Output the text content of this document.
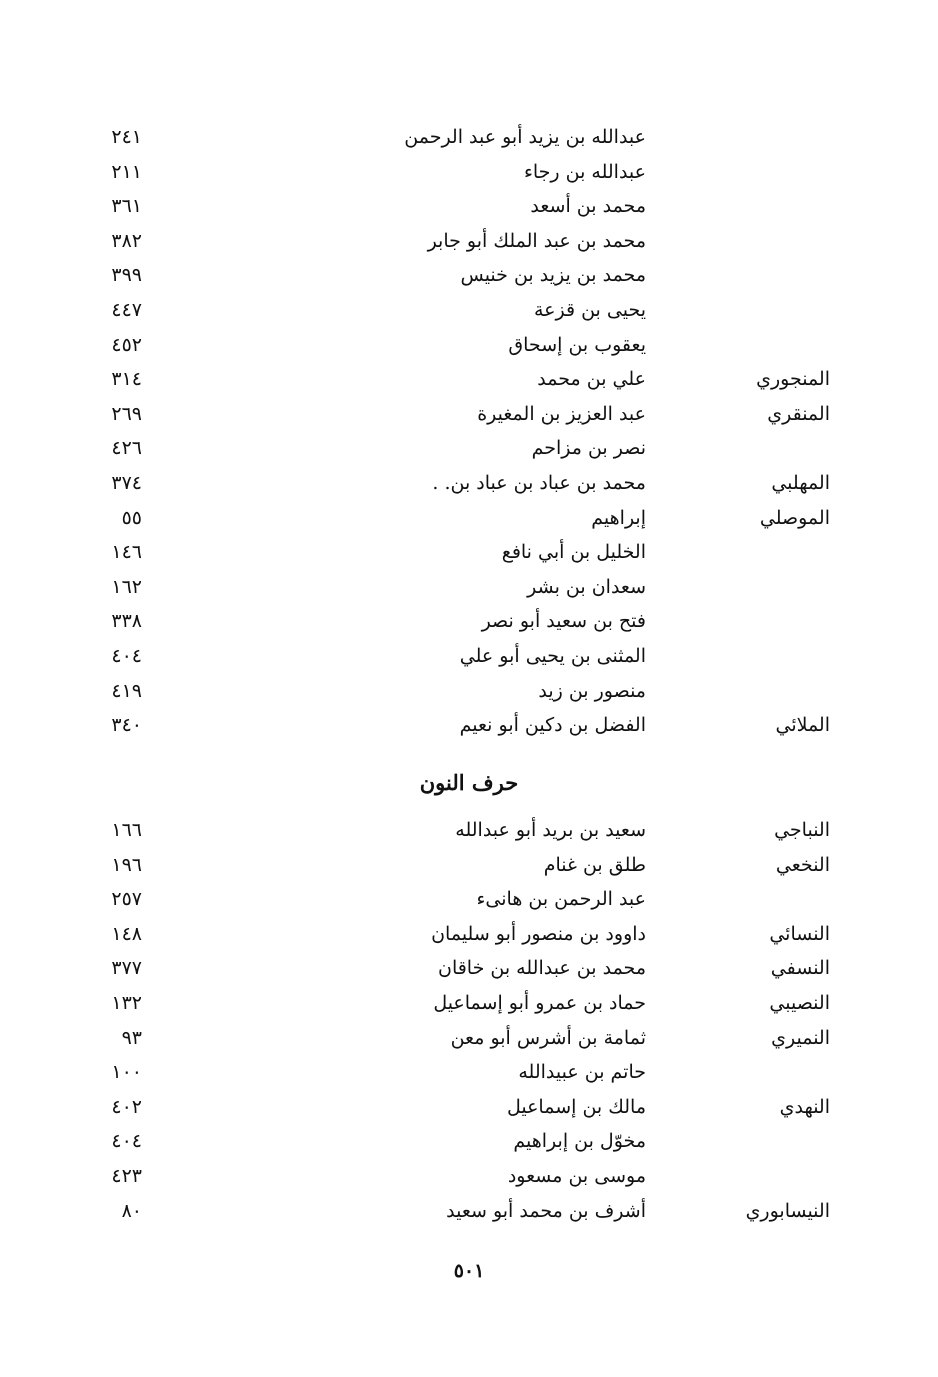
عبدالله بن يزيد أبو عبد الرحمن
٢٤١
عبدالله بن رجاء
٢١١
محمد بن أسعد
٣٦١
محمد بن عبد الملك أبو جابر
٣٨٢
محمد بن يزيد بن خنيس
٣٩٩
يحيى بن قزعة
٤٤٧
يعقوب بن إسحاق
٤٥٢
المنجوري
علي بن محمد
٣١٤
المنقري
عبد العزيز بن المغيرة
٢٦٩
نصر بن مزاحم
٤٢٦
المهلبي
محمد بن عباد بن عباد بن. .
٣٧٤
الموصلي
إبراهيم
٥٥
الخليل بن أبي نافع
١٤٦
سعدان بن بشر
١٦٢
فتح بن سعيد أبو نصر
٣٣٨
المثنى بن يحيى أبو علي
٤٠٤
منصور بن زيد
٤١٩
الملائي
الفضل بن دكين أبو نعيم
٣٤٠
حرف النون
النباجي
سعيد بن بريد أبو عبدالله
١٦٦
النخعي
طلق بن غنام
١٩٦
عبد الرحمن بن هانىء
٢٥٧
النسائي
داوود بن منصور أبو سليمان
١٤٨
النسفي
محمد بن عبدالله بن خاقان
٣٧٧
النصيبي
حماد بن عمرو أبو إسماعيل
١٣٢
النميري
ثمامة بن أشرس أبو معن
٩٣
حاتم بن عبيدالله
١٠٠
النهدي
مالك بن إسماعيل
٤٠٢
مخوّل بن إبراهيم
٤٠٤
موسى بن مسعود
٤٢٣
النيسابوري
أشرف بن محمد أبو سعيد
٨٠
٥٠١
